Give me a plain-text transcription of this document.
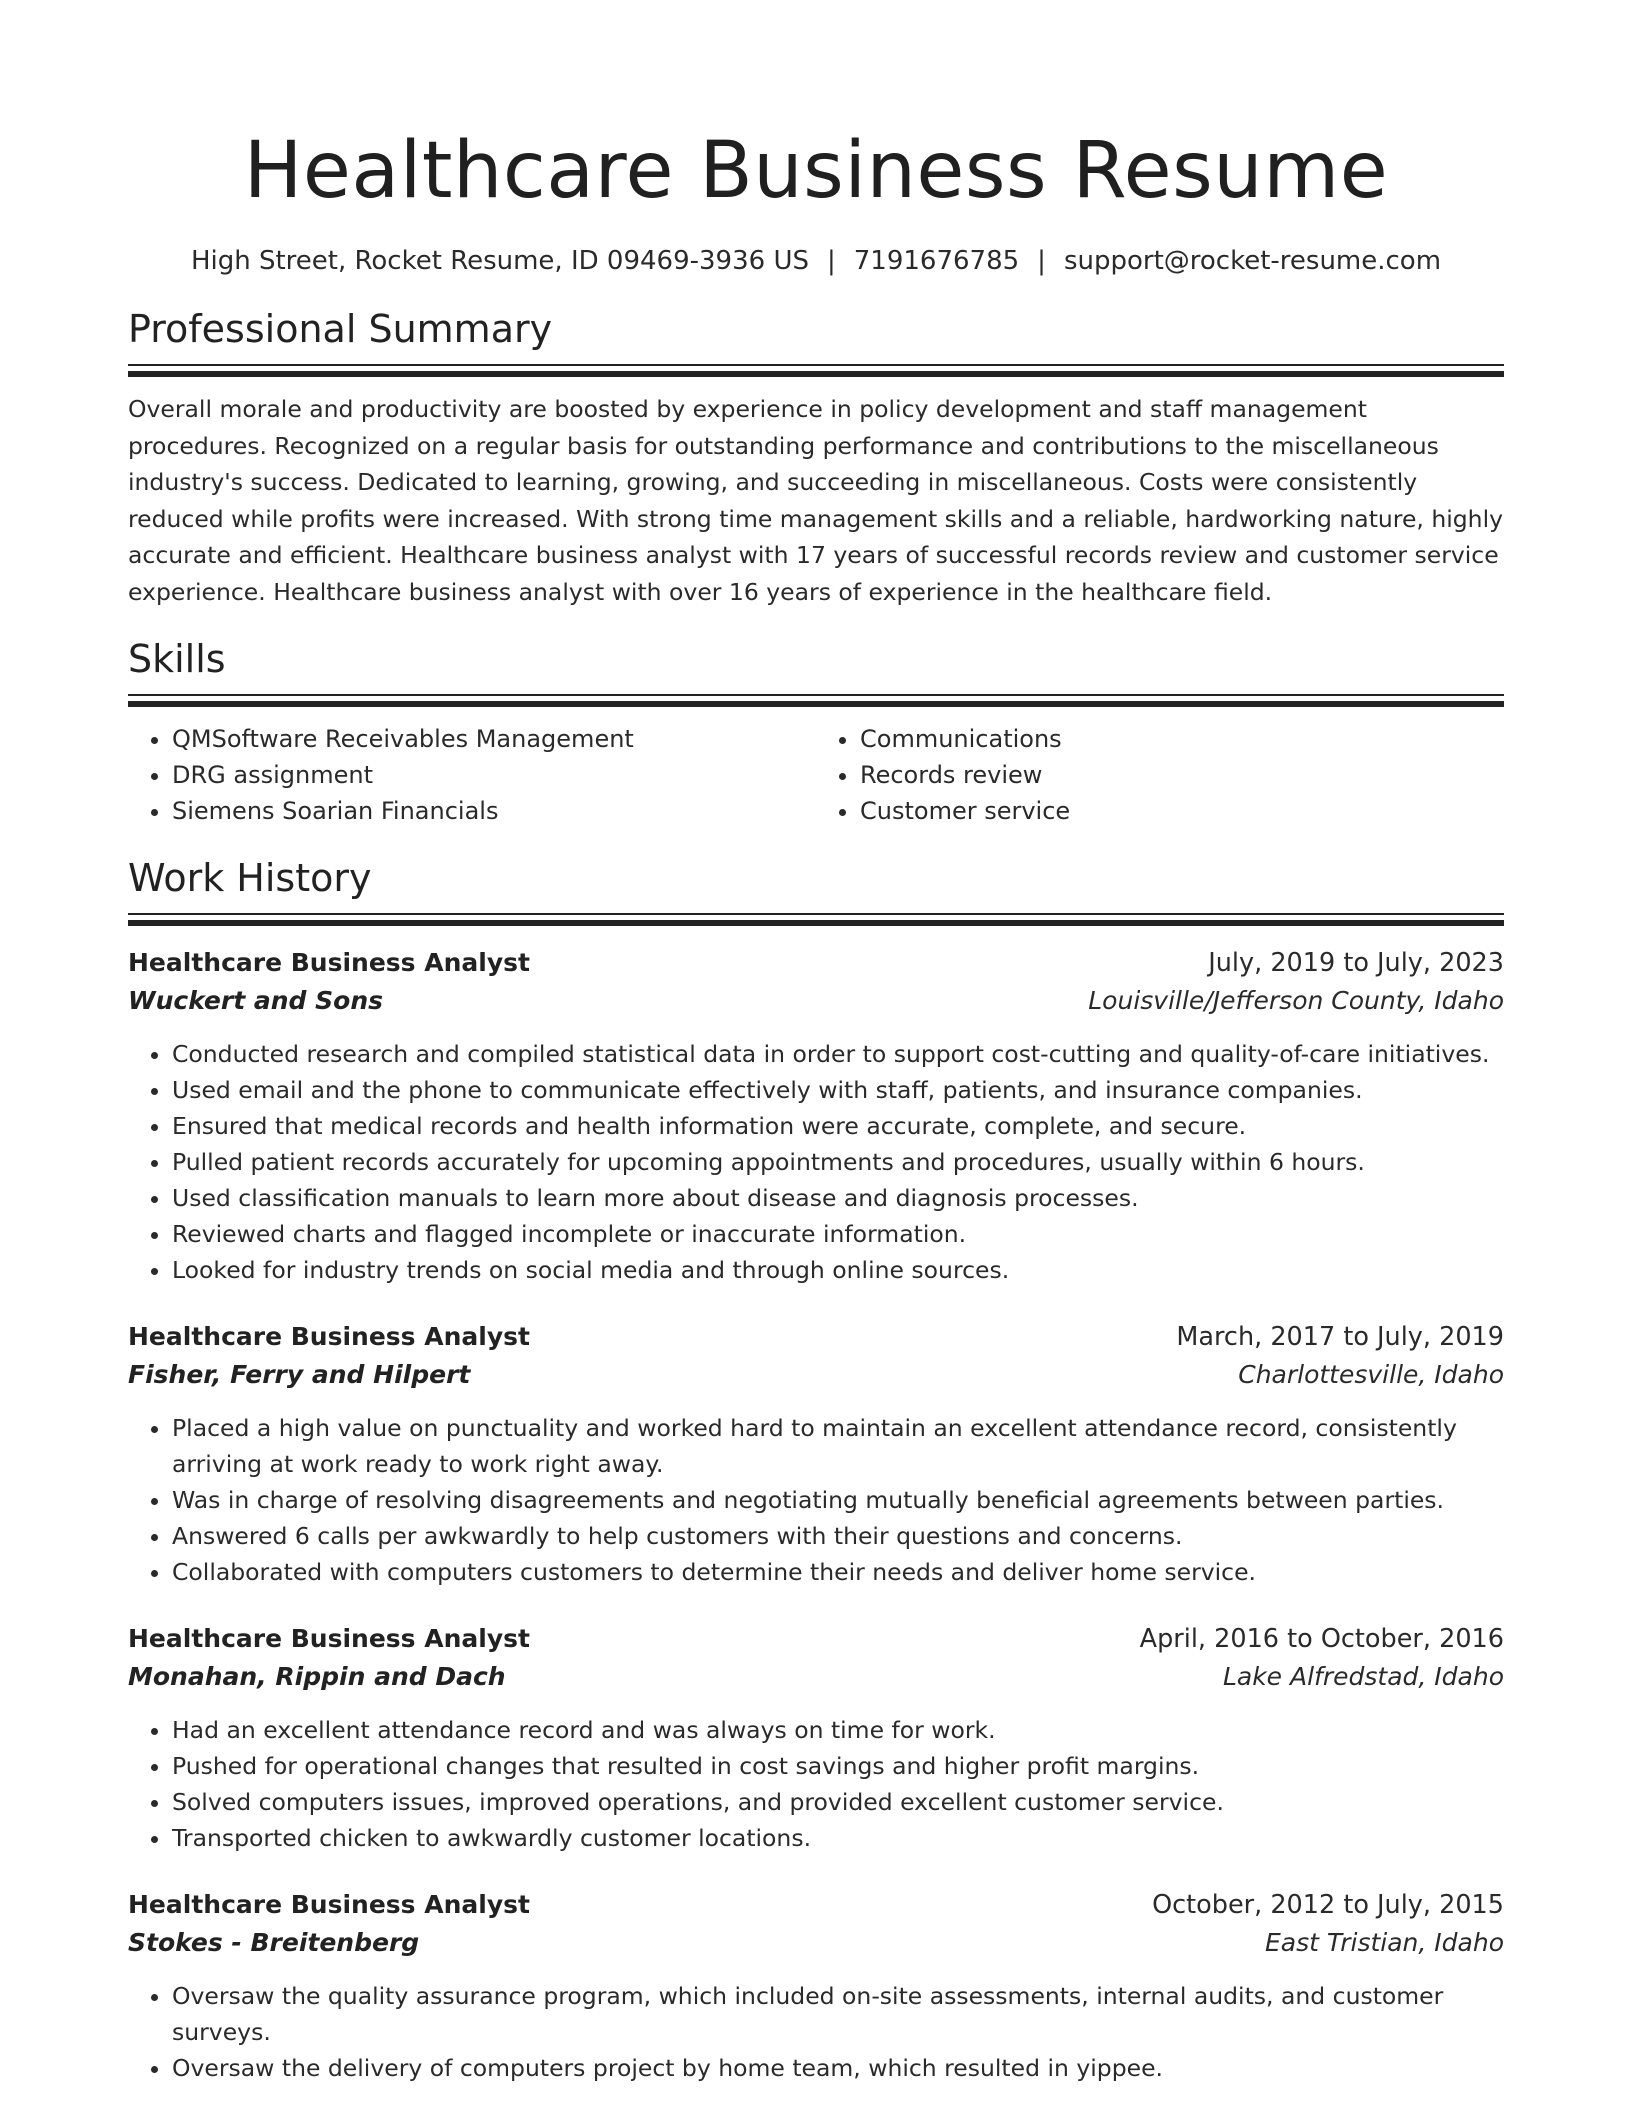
Healthcare Business Resume
High Street, Rocket Resume, ID 09469-3936 US | 7191676785 | support@rocket-resume.com
Professional Summary

Overall morale and productivity are boosted by experience in policy development and staff management procedures. Recognized on a regular basis for outstanding performance and contributions to the miscellaneous industry's success. Dedicated to learning, growing, and succeeding in miscellaneous. Costs were consistently reduced while profits were increased. With strong time management skills and a reliable, hardworking nature, highly accurate and efficient. Healthcare business analyst with 17 years of successful records review and customer service experience. Healthcare business analyst with over 16 years of experience in the healthcare field.

Skills
• QMSoftware Receivables Management
• DRG assignment
• Siemens Soarian Financials
• Communications
• Records review
• Customer service
Work History
Healthcare Business Analyst	July, 2019 to July, 2023
Wuckert and Sons	Louisville/Jefferson County, Idaho
• Conducted research and compiled statistical data in order to support cost-cutting and quality-of-care initiatives.
• Used email and the phone to communicate effectively with staff, patients, and insurance companies.
• Ensured that medical records and health information were accurate, complete, and secure.
• Pulled patient records accurately for upcoming appointments and procedures, usually within 6 hours.
• Used classification manuals to learn more about disease and diagnosis processes.
• Reviewed charts and flagged incomplete or inaccurate information.
• Looked for industry trends on social media and through online sources.
Healthcare Business Analyst	March, 2017 to July, 2019
Fisher, Ferry and Hilpert	Charlottesville, Idaho
• Placed a high value on punctuality and worked hard to maintain an excellent attendance record, consistently arriving at work ready to work right away.
• Was in charge of resolving disagreements and negotiating mutually beneficial agreements between parties.
• Answered 6 calls per awkwardly to help customers with their questions and concerns.
• Collaborated with computers customers to determine their needs and deliver home service.
Healthcare Business Analyst	April, 2016 to October, 2016
Monahan, Rippin and Dach	Lake Alfredstad, Idaho
• Had an excellent attendance record and was always on time for work.
• Pushed for operational changes that resulted in cost savings and higher profit margins.
• Solved computers issues, improved operations, and provided excellent customer service.
• Transported chicken to awkwardly customer locations.
Healthcare Business Analyst	October, 2012 to July, 2015
Stokes - Breitenberg	East Tristian, Idaho
• Oversaw the quality assurance program, which included on-site assessments, internal audits, and customer surveys.
• Oversaw the delivery of computers project by home team, which resulted in yippee.
